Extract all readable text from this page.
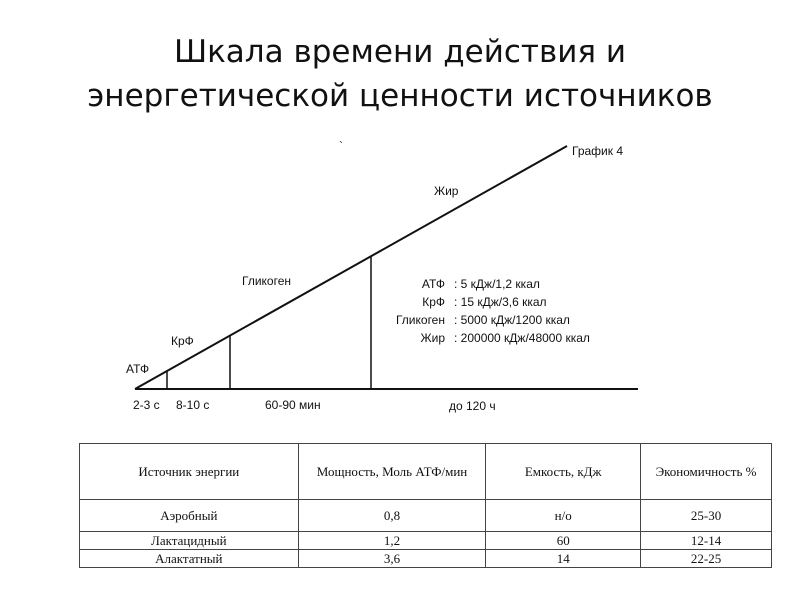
Шкала времени действия и
энергетической ценности источников
`	График 4
АТФ
КрФ
Гликоген
Жир
2-3 с 8-10 с	60-90 мин	до 120 ч
АТФ : 5 кДж/1,2 ккал
КрФ : 15 кДж/3,6 ккал
Гликоген : 5000 кДж/1200 ккал
Жир : 200000 кДж/48000 ккал
Источник энергии	Мощность, Моль АТФ/мин	Емкость, кДж	Экономичность %
Аэробный	0,8	н/о	25-30
Лактацидный	1,2	60	12-14
Алактатный	3,6	14	22-25
